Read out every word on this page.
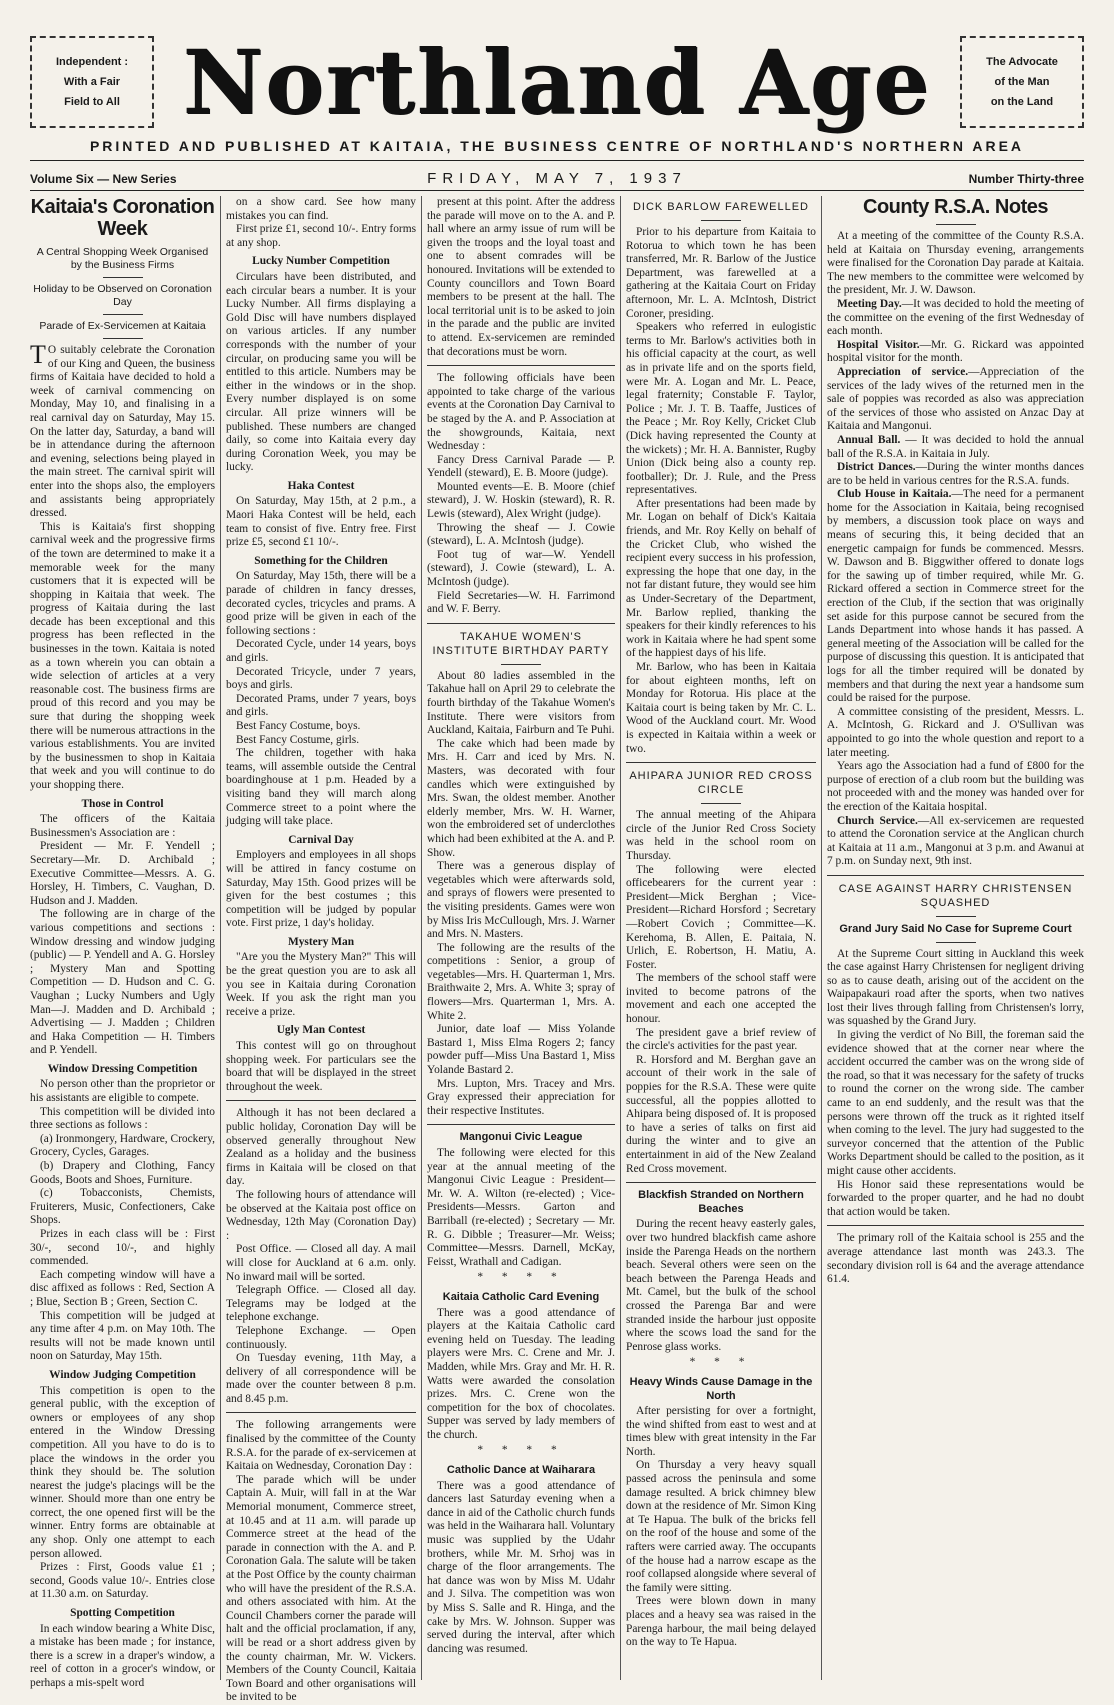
Independent :
With a Fair
Field to All Northland Age	The Advocate
of the Man
on the Land
PRINTED AND PUBLISHED AT KAITAIA, THE BUSINESS CENTRE OF NORTHLAND'S NORTHERN AREA
Volume Six — New Series	FRIDAY, MAY 7, 1937	Number Thirty-three
Kaitaia's Coronation Week
A Central Shopping Week Organised by the Business Firms
Holiday to be Observed on Coronation Day
Parade of Ex-Servicemen at Kaitaia

T O suitably celebrate the Coronation of our King and Queen, the business firms of Kaitaia have decided to hold a week of carnival commencing on Monday, May 10, and finalising in a real carnival day on Saturday, May 15. On the latter day, Saturday, a band will be in attendance during the afternoon and evening, selections being played in the main street. The carnival spirit will enter into the shops also, the employers and assistants being appropriately dressed.

This is Kaitaia's first shopping carnival week and the progressive firms of the town are determined to make it a memorable week for the many customers that it is expected will be shopping in Kaitaia that week. The progress of Kaitaia during the last decade has been exceptional and this progress has been reflected in the businesses in the town. Kaitaia is noted as a town wherein you can obtain a wide selection of articles at a very reasonable cost. The business firms are proud of this record and you may be sure that during the shopping week there will be numerous attractions in the various establishments. You are invited by the businessmen to shop in Kaitaia that week and you will continue to do your shopping there.

Those in Control

The officers of the Kaitaia Businessmen's Association are :

President — Mr. F. Yendell ; Secretary—Mr. D. Archibald ; Executive Committee—Messrs. A. G. Horsley, H. Timbers, C. Vaughan, D. Hudson and J. Madden.

The following are in charge of the various competitions and sections : Window dressing and window judging (public) — P. Yendell and A. G. Horsley ; Mystery Man and Spotting Competition — D. Hudson and C. G. Vaughan ; Lucky Numbers and Ugly Man—J. Madden and D. Archibald ; Advertising — J. Madden ; Children and Haka Competition — H. Timbers and P. Yendell.

Window Dressing Competition

No person other than the proprietor or his assistants are eligible to compete.

This competition will be divided into three sections as follows :

(a) Ironmongery, Hardware, Crockery, Grocery, Cycles, Garages.

(b) Drapery and Clothing, Fancy Goods, Boots and Shoes, Furniture.

(c) Tobacconists, Chemists, Fruiterers, Music, Confectioners, Cake Shops.

Prizes in each class will be : First 30/-, second 10/-, and highly commended.

Each competing window will have a disc affixed as follows : Red, Section A ; Blue, Section B ; Green, Section C.

This competition will be judged at any time after 4 p.m. on May 10th. The results will not be made known until noon on Saturday, May 15th.

Window Judging Competition

This competition is open to the general public, with the exception of owners or employees of any shop entered in the Window Dressing competition. All you have to do is to place the windows in the order you think they should be. The solution nearest the judge's placings will be the winner. Should more than one entry be correct, the one opened first will be the winner. Entry forms are obtainable at any shop. Only one attempt to each person allowed.

Prizes : First, Goods value £1 ; second, Goods value 10/-. Entries close at 11.30 a.m. on Saturday.

Spotting Competition

In each window bearing a White Disc, a mistake has been made ; for instance, there is a screw in a draper's window, a reel of cotton in a grocer's window, or perhaps a mis-spelt word

on a show card. See how many mistakes you can find.

First prize £1, second 10/-. Entry forms at any shop.

Lucky Number Competition

Circulars have been distributed, and each circular bears a number. It is your Lucky Number. All firms displaying a Gold Disc will have numbers displayed on various articles. If any number corresponds with the number of your circular, on producing same you will be entitled to this article. Numbers may be either in the windows or in the shop. Every number displayed is on some circular. All prize winners will be published. These numbers are changed daily, so come into Kaitaia every day during Coronation Week, you may be lucky.

Haka Contest

On Saturday, May 15th, at 2 p.m., a Maori Haka Contest will be held, each team to consist of five. Entry free. First prize £5, second £1 10/-.

Something for the Children

On Saturday, May 15th, there will be a parade of children in fancy dresses, decorated cycles, tricycles and prams. A good prize will be given in each of the following sections :

Decorated Cycle, under 14 years, boys and girls.

Decorated Tricycle, under 7 years, boys and girls.

Decorated Prams, under 7 years, boys and girls.

Best Fancy Costume, boys.

Best Fancy Costume, girls.

The children, together with haka teams, will assemble outside the Central boardinghouse at 1 p.m. Headed by a visiting band they will march along Commerce street to a point where the judging will take place.

Carnival Day

Employers and employees in all shops will be attired in fancy costume on Saturday, May 15th. Good prizes will be given for the best costumes ; this competition will be judged by popular vote. First prize, 1 day's holiday.

Mystery Man

"Are you the Mystery Man?" This will be the great question you are to ask all you see in Kaitaia during Coronation Week. If you ask the right man you receive a prize.

Ugly Man Contest

This contest will go on throughout shopping week. For particulars see the board that will be displayed in the street throughout the week.

Although it has not been declared a public holiday, Coronation Day will be observed generally throughout New Zealand as a holiday and the business firms in Kaitaia will be closed on that day.

The following hours of attendance will be observed at the Kaitaia post office on Wednesday, 12th May (Coronation Day) :

Post Office. — Closed all day. A mail will close for Auckland at 6 a.m. only. No inward mail will be sorted.

Telegraph Office. — Closed all day. Telegrams may be lodged at the telephone exchange.

Telephone Exchange. — Open continuously.

On Tuesday evening, 11th May, a delivery of all correspondence will be made over the counter between 8 p.m. and 8.45 p.m.

The following arrangements were finalised by the committee of the County R.S.A. for the parade of ex-servicemen at Kaitaia on Wednesday, Coronation Day :

The parade which will be under Captain A. Muir, will fall in at the War Memorial monument, Commerce street, at 10.45 and at 11 a.m. will parade up Commerce street at the head of the parade in connection with the A. and P. Coronation Gala. The salute will be taken at the Post Office by the county chairman who will have the president of the R.S.A. and others associated with him. At the Council Chambers corner the parade will halt and the official proclamation, if any, will be read or a short address given by the county chairman, Mr. W. Vickers. Members of the County Council, Kaitaia Town Board and other organisations will be invited to be

present at this point. After the address the parade will move on to the A. and P. hall where an army issue of rum will be given the troops and the loyal toast and one to absent comrades will be honoured. Invitations will be extended to County councillors and Town Board members to be present at the hall. The local territorial unit is to be asked to join in the parade and the public are invited to attend. Ex-servicemen are reminded that decorations must be worn.

The following officials have been appointed to take charge of the various events at the Coronation Day Carnival to be staged by the A. and P. Association at the showgrounds, Kaitaia, next Wednesday :

Fancy Dress Carnival Parade — P. Yendell (steward), E. B. Moore (judge).

Mounted events—E. B. Moore (chief steward), J. W. Hoskin (steward), R. R. Lewis (steward), Alex Wright (judge).

Throwing the sheaf — J. Cowie (steward), L. A. McIntosh (judge).

Foot tug of war—W. Yendell (steward), J. Cowie (steward), L. A. McIntosh (judge).

Field Secretaries—W. H. Farrimond and W. F. Berry.

TAKAHUE WOMEN'S INSTITUTE BIRTHDAY PARTY

About 80 ladies assembled in the Takahue hall on April 29 to celebrate the fourth birthday of the Takahue Women's Institute. There were visitors from Auckland, Kaitaia, Fairburn and Te Puhi.

The cake which had been made by Mrs. H. Carr and iced by Mrs. N. Masters, was decorated with four candles which were extinguished by Mrs. Swan, the oldest member. Another elderly member, Mrs. W. H. Warner, won the embroidered set of underclothes which had been exhibited at the A. and P. Show.

There was a generous display of vegetables which were afterwards sold, and sprays of flowers were presented to the visiting presidents. Games were won by Miss Iris McCullough, Mrs. J. Warner and Mrs. N. Masters.

The following are the results of the competitions : Senior, a group of vegetables—Mrs. H. Quarterman 1, Mrs. Braithwaite 2, Mrs. A. White 3; spray of flowers—Mrs. Quarterman 1, Mrs. A. White 2.

Junior, date loaf — Miss Yolande Bastard 1, Miss Elma Rogers 2; fancy powder puff—Miss Una Bastard 1, Miss Yolande Bastard 2.

Mrs. Lupton, Mrs. Tracey and Mrs. Gray expressed their appreciation for their respective Institutes.

Mangonui Civic League

The following were elected for this year at the annual meeting of the Mangonui Civic League : President—Mr. W. A. Wilton (re-elected) ; Vice-Presidents—Messrs. Garton and Barriball (re-elected) ; Secretary — Mr. R. G. Dibble ; Treasurer—Mr. Weiss; Committee—Messrs. Darnell, McKay, Feisst, Wrathall and Cadigan.

* * * *
Kaitaia Catholic Card Evening

There was a good attendance of players at the Kaitaia Catholic card evening held on Tuesday. The leading players were Mrs. C. Crene and Mr. J. Madden, while Mrs. Gray and Mr. H. R. Watts were awarded the consolation prizes. Mrs. C. Crene won the competition for the box of chocolates. Supper was served by lady members of the church.

* * * *
Catholic Dance at Waiharara

There was a good attendance of dancers last Saturday evening when a dance in aid of the Catholic church funds was held in the Waiharara hall. Voluntary music was supplied by the Udahr brothers, while Mr. M. Srhoj was in charge of the floor arrangements. The hat dance was won by Miss M. Udahr and J. Silva. The competition was won by Miss S. Salle and R. Hinga, and the cake by Mrs. W. Johnson. Supper was served during the interval, after which dancing was resumed.

DICK BARLOW FAREWELLED

Prior to his departure from Kaitaia to Rotorua to which town he has been transferred, Mr. R. Barlow of the Justice Department, was farewelled at a gathering at the Kaitaia Court on Friday afternoon, Mr. L. A. McIntosh, District Coroner, presiding.

Speakers who referred in eulogistic terms to Mr. Barlow's activities both in his official capacity at the court, as well as in private life and on the sports field, were Mr. A. Logan and Mr. L. Peace, legal fraternity; Constable F. Taylor, Police ; Mr. J. T. B. Taaffe, Justices of the Peace ; Mr. Roy Kelly, Cricket Club (Dick having represented the County at the wickets) ; Mr. H. A. Bannister, Rugby Union (Dick being also a county rep. footballer); Dr. J. Rule, and the Press representatives.

After presentations had been made by Mr. Logan on behalf of Dick's Kaitaia friends, and Mr. Roy Kelly on behalf of the Cricket Club, who wished the recipient every success in his profession, expressing the hope that one day, in the not far distant future, they would see him as Under-Secretary of the Department, Mr. Barlow replied, thanking the speakers for their kindly references to his work in Kaitaia where he had spent some of the happiest days of his life.

Mr. Barlow, who has been in Kaitaia for about eighteen months, left on Monday for Rotorua. His place at the Kaitaia court is being taken by Mr. C. L. Wood of the Auckland court. Mr. Wood is expected in Kaitaia within a week or two.

AHIPARA JUNIOR RED CROSS CIRCLE

The annual meeting of the Ahipara circle of the Junior Red Cross Society was held in the school room on Thursday.

The following were elected officebearers for the current year : President—Mick Berghan ; Vice-President—Richard Horsford ; Secretary—Robert Covich ; Committee—K. Kerehoma, B. Allen, E. Paitaia, N. Urlich, E. Robertson, H. Matiu, A. Foster.

The members of the school staff were invited to become patrons of the movement and each one accepted the honour.

The president gave a brief review of the circle's activities for the past year.

R. Horsford and M. Berghan gave an account of their work in the sale of poppies for the R.S.A. These were quite successful, all the poppies allotted to Ahipara being disposed of. It is proposed to have a series of talks on first aid during the winter and to give an entertainment in aid of the New Zealand Red Cross movement.

Blackfish Stranded on Northern Beaches

During the recent heavy easterly gales, over two hundred blackfish came ashore inside the Parenga Heads on the northern beach. Several others were seen on the beach between the Parenga Heads and Mt. Camel, but the bulk of the school crossed the Parenga Bar and were stranded inside the harbour just opposite where the scows load the sand for the Penrose glass works.

* * *
Heavy Winds Cause Damage in the North

After persisting for over a fortnight, the wind shifted from east to west and at times blew with great intensity in the Far North.

On Thursday a very heavy squall passed across the peninsula and some damage resulted. A brick chimney blew down at the residence of Mr. Simon King at Te Hapua. The bulk of the bricks fell on the roof of the house and some of the rafters were carried away. The occupants of the house had a narrow escape as the roof collapsed alongside where several of the family were sitting.

Trees were blown down in many places and a heavy sea was raised in the Parenga harbour, the mail being delayed on the way to Te Hapua.

County R.S.A. Notes

At a meeting of the committee of the County R.S.A. held at Kaitaia on Thursday evening, arrangements were finalised for the Coronation Day parade at Kaitaia. The new members to the committee were welcomed by the president, Mr. J. W. Dawson.

Meeting Day.—It was decided to hold the meeting of the committee on the evening of the first Wednesday of each month.

Hospital Visitor.—Mr. G. Rickard was appointed hospital visitor for the month.

Appreciation of service.—Appreciation of the services of the lady wives of the returned men in the sale of poppies was recorded as also was appreciation of the services of those who assisted on Anzac Day at Kaitaia and Mangonui.

Annual Ball. — It was decided to hold the annual ball of the R.S.A. in Kaitaia in July.

District Dances.—During the winter months dances are to be held in various centres for the R.S.A. funds.

Club House in Kaitaia.—The need for a permanent home for the Association in Kaitaia, being recognised by members, a discussion took place on ways and means of securing this, it being decided that an energetic campaign for funds be commenced. Messrs. W. Dawson and B. Biggwither offered to donate logs for the sawing up of timber required, while Mr. G. Rickard offered a section in Commerce street for the erection of the Club, if the section that was originally set aside for this purpose cannot be secured from the Lands Department into whose hands it has passed. A general meeting of the Association will be called for the purpose of discussing this question. It is anticipated that logs for all the timber required will be donated by members and that during the next year a handsome sum could be raised for the purpose.

A committee consisting of the president, Messrs. L. A. McIntosh, G. Rickard and J. O'Sullivan was appointed to go into the whole question and report to a later meeting.

Years ago the Association had a fund of £800 for the purpose of erection of a club room but the building was not proceeded with and the money was handed over for the erection of the Kaitaia hospital.

Church Service.—All ex-servicemen are requested to attend the Coronation service at the Anglican church at Kaitaia at 11 a.m., Mangonui at 3 p.m. and Awanui at 7 p.m. on Sunday next, 9th inst.

CASE AGAINST HARRY CHRISTENSEN SQUASHED
Grand Jury Said No Case for Supreme Court

At the Supreme Court sitting in Auckland this week the case against Harry Christensen for negligent driving so as to cause death, arising out of the accident on the Waipapakauri road after the sports, when two natives lost their lives through falling from Christensen's lorry, was squashed by the Grand Jury.

In giving the verdict of No Bill, the foreman said the evidence showed that at the corner near where the accident occurred the camber was on the wrong side of the road, so that it was necessary for the safety of trucks to round the corner on the wrong side. The camber came to an end suddenly, and the result was that the persons were thrown off the truck as it righted itself when coming to the level. The jury had suggested to the surveyor concerned that the attention of the Public Works Department should be called to the position, as it might cause other accidents.

His Honor said these representations would be forwarded to the proper quarter, and he had no doubt that action would be taken.

The primary roll of the Kaitaia school is 255 and the average attendance last month was 243.3. The secondary division roll is 64 and the average attendance 61.4.
